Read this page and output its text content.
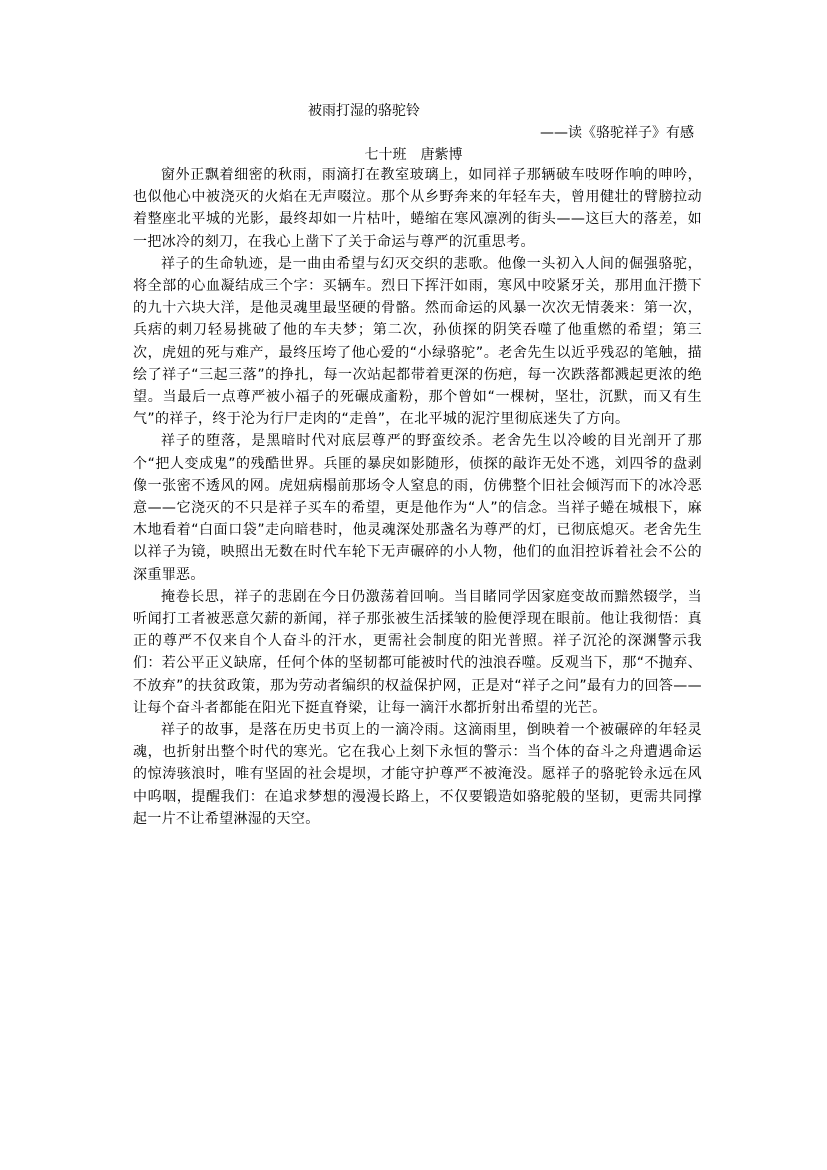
被雨打湿的骆驼铃
——读《骆驼祥子》有感
七十班　唐紫博

窗外正飘着细密的秋雨，雨滴打在教室玻璃上，如同祥子那辆破车吱呀作响的呻吟，也似他心中被浇灭的火焰在无声啜泣。那个从乡野奔来的年轻车夫，曾用健壮的臂膀拉动着整座北平城的光影，最终却如一片枯叶，蜷缩在寒风凛冽的街头——这巨大的落差，如一把冰冷的刻刀，在我心上凿下了关于命运与尊严的沉重思考。

祥子的生命轨迹，是一曲由希望与幻灭交织的悲歌。他像一头初入人间的倔强骆驼，将全部的心血凝结成三个字：买辆车。烈日下挥汗如雨，寒风中咬紧牙关，那用血汗攒下的九十六块大洋，是他灵魂里最坚硬的骨骼。然而命运的风暴一次次无情袭来：第一次，兵痞的刺刀轻易挑破了他的车夫梦；第二次，孙侦探的阴笑吞噬了他重燃的希望；第三次，虎妞的死与难产，最终压垮了他心爱的“小绿骆驼”。老舍先生以近乎残忍的笔触，描绘了祥子“三起三落”的挣扎，每一次站起都带着更深的伤疤，每一次跌落都溅起更浓的绝望。当最后一点尊严被小福子的死碾成齑粉，那个曾如“一棵树，坚壮，沉默，而又有生气”的祥子，终于沦为行尸走肉的“走兽”，在北平城的泥泞里彻底迷失了方向。

祥子的堕落，是黑暗时代对底层尊严的野蛮绞杀。老舍先生以冷峻的目光剖开了那个“把人变成鬼”的残酷世界。兵匪的暴戾如影随形，侦探的敲诈无处不逃，刘四爷的盘剥像一张密不透风的网。虎妞病榻前那场令人窒息的雨，仿佛整个旧社会倾泻而下的冰冷恶意——它浇灭的不只是祥子买车的希望，更是他作为“人”的信念。当祥子蜷在城根下，麻木地看着“白面口袋”走向暗巷时，他灵魂深处那盏名为尊严的灯，已彻底熄灭。老舍先生以祥子为镜，映照出无数在时代车轮下无声碾碎的小人物，他们的血泪控诉着社会不公的深重罪恶。

掩卷长思，祥子的悲剧在今日仍激荡着回响。当目睹同学因家庭变故而黯然辍学，当听闻打工者被恶意欠薪的新闻，祥子那张被生活揉皱的脸便浮现在眼前。他让我彻悟：真正的尊严不仅来自个人奋斗的汗水，更需社会制度的阳光普照。祥子沉沦的深渊警示我们：若公平正义缺席，任何个体的坚韧都可能被时代的浊浪吞噬。反观当下，那“不抛弃、不放弃”的扶贫政策，那为劳动者编织的权益保护网，正是对“祥子之问”最有力的回答——让每个奋斗者都能在阳光下挺直脊梁，让每一滴汗水都折射出希望的光芒。

祥子的故事，是落在历史书页上的一滴冷雨。这滴雨里，倒映着一个被碾碎的年轻灵魂，也折射出整个时代的寒光。它在我心上刻下永恒的警示：当个体的奋斗之舟遭遇命运的惊涛骇浪时，唯有坚固的社会堤坝，才能守护尊严不被淹没。愿祥子的骆驼铃永远在风中呜咽，提醒我们：在追求梦想的漫漫长路上，不仅要锻造如骆驼般的坚韧，更需共同撑起一片不让希望淋湿的天空。
